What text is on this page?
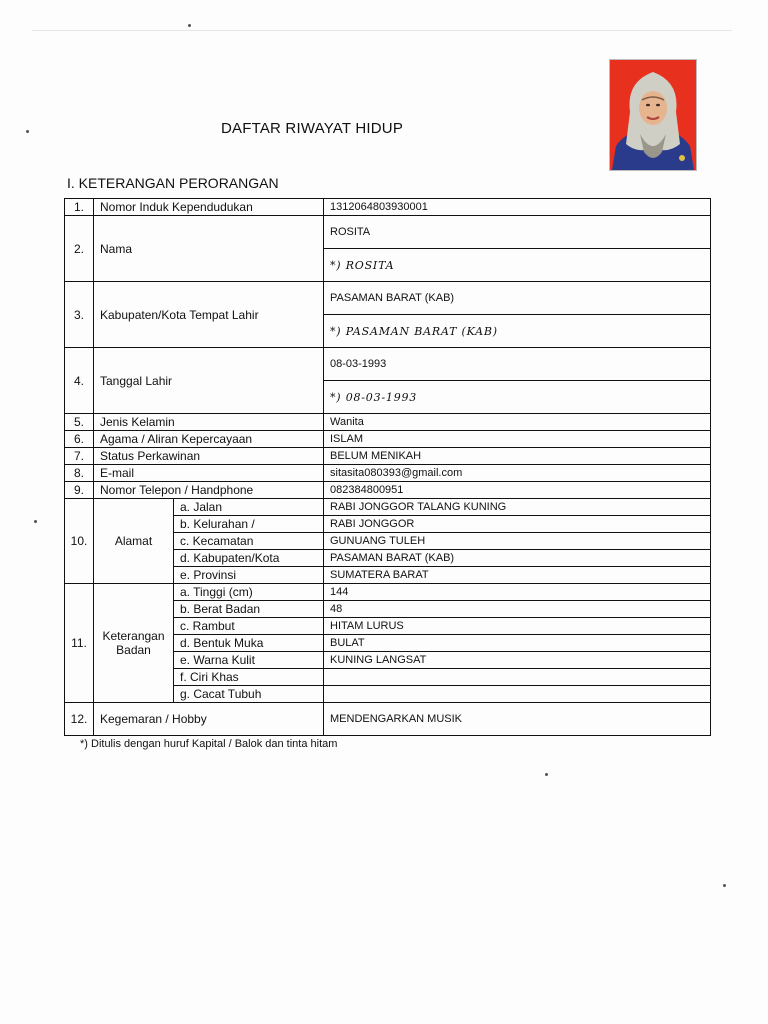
DAFTAR RIWAYAT HIDUP
I. KETERANGAN PERORANGAN
1.	Nomor Induk Kependudukan		1312064803930001
2.	Nama		ROSITA
			*) ROSITA
3.	Kabupaten/Kota Tempat Lahir		PASAMAN BARAT (KAB)
			*) PASAMAN BARAT (KAB)
4.	Tanggal Lahir		08-03-1993
			*) 08-03-1993
5.	Jenis Kelamin		Wanita
6.	Agama / Aliran Kepercayaan		ISLAM
7.	Status Perkawinan		BELUM MENIKAH
8.	E-mail		sitasita080393@gmail.com
9.	Nomor Telepon / Handphone		082384800951
10.	Alamat	a. Jalan	RABI JONGGOR TALANG KUNING
		b. Kelurahan /	RABI JONGGOR
		c. Kecamatan	GUNUANG TULEH
		d. Kabupaten/Kota	PASAMAN BARAT (KAB)
		e. Provinsi	SUMATERA BARAT
11.	Keterangan Badan	a. Tinggi (cm)	144
		b. Berat Badan	48
		c. Rambut	HITAM LURUS
		d. Bentuk Muka	BULAT
		e. Warna Kulit	KUNING LANGSAT
		f. Ciri Khas	
		g. Cacat Tubuh	
12.	Kegemaran / Hobby		MENDENGARKAN MUSIK
*) Ditulis dengan huruf Kapital / Balok dan tinta hitam
